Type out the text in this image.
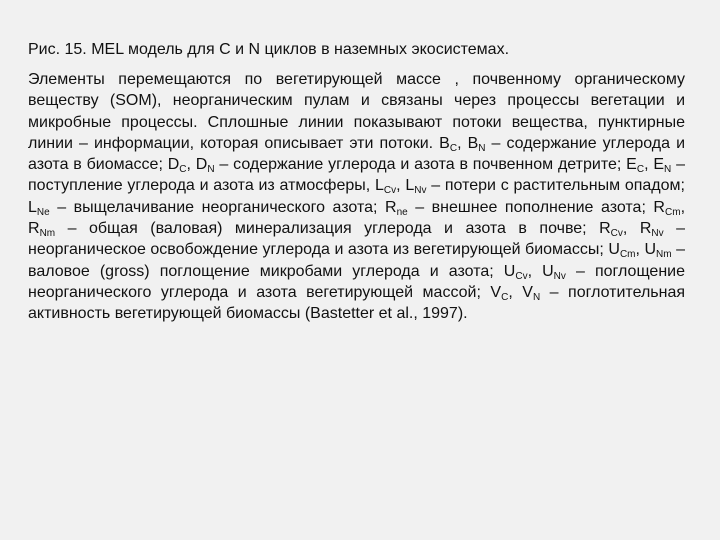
Рис. 15. MEL модель для C и N циклов в наземных экосистемах.

Элементы перемещаются по вегетирующей массе , почвенному органическому веществу (SOM), неорганическим пулам и связаны через процессы вегетации и микробные процессы. Сплошные линии показывают потоки вещества, пунктирные линии – информации, которая описывает эти потоки. $B_C$, $B_N$ – содержание углерода и азота в биомассе; $D_C$, $D_N$ – содержание углерода и азота в почвенном детрите; $E_C$, $E_N$ – поступление углерода и азота из атмосферы, $L_{Cv}$, $L_{Nv}$ – потери с растительным опадом; $L_{Ne}$ – выщелачивание неорганического азота; $R_{ne}$ – внешнее пополнение азота; $R_{Cm}$, $R_{Nm}$ – общая (валовая) минерализация углерода и азота в почве; $R_{Cv}$, $R_{Nv}$ – неорганическое освобождение углерода и азота из вегетирующей биомассы; $U_{Cm}$, $U_{Nm}$ – валовое (gross) поглощение микробами углерода и азота; $U_{Cv}$, $U_{Nv}$ – поглощение неорганического углерода и азота вегетирующей массой; $V_C$, $V_N$ – поглотительная активность вегетирующей биомассы (Bastetter et al., 1997).
